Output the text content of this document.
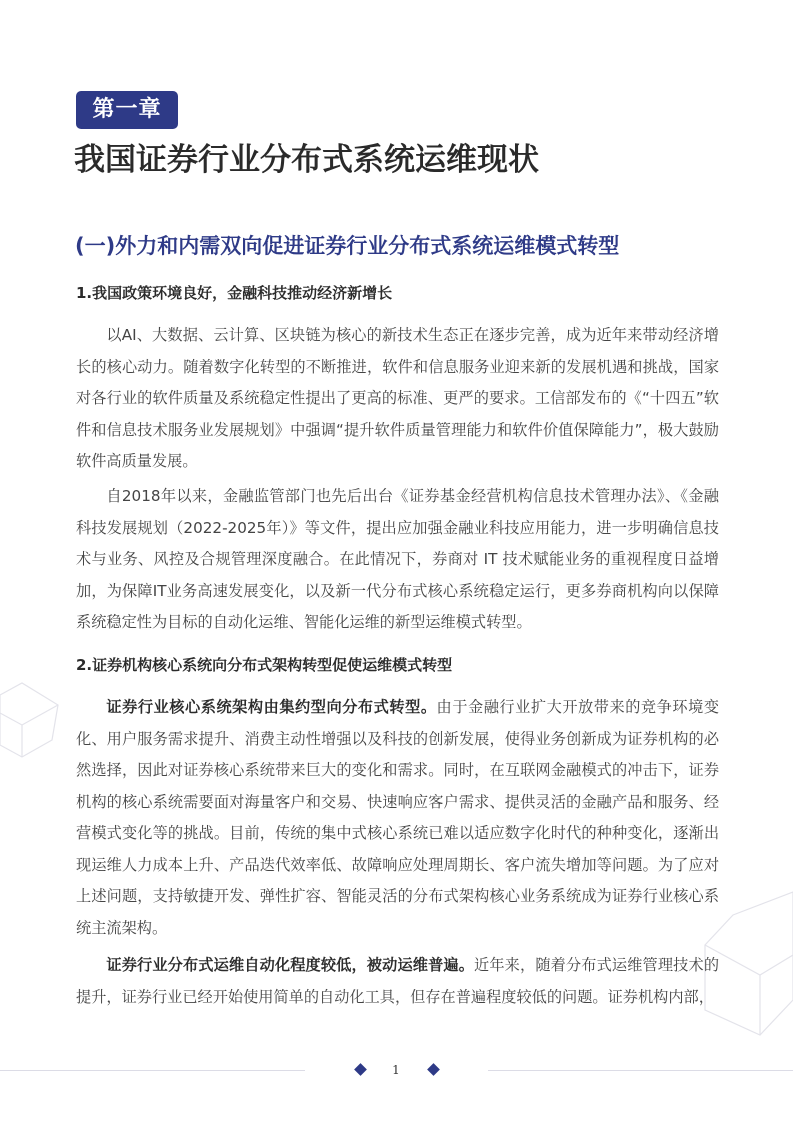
第一章
我国证券行业分布式系统运维现状
(一)外力和内需双向促进证券行业分布式系统运维模式转型
1.我国政策环境良好，金融科技推动经济新增长

以AI、大数据、云计算、区块链为核心的新技术生态正在逐步完善，成为近年来带动经济增长的核心动力。随着数字化转型的不断推进，软件和信息服务业迎来新的发展机遇和挑战，国家对各行业的软件质量及系统稳定性提出了更高的标准、更严的要求。工信部发布的《“十四五”软件和信息技术服务业发展规划》中强调“提升软件质量管理能力和软件价值保障能力”，极大鼓励软件高质量发展。

自2018年以来，金融监管部门也先后出台《证券基金经营机构信息技术管理办法》、《金融科技发展规划（2022-2025年）》等文件，提出应加强金融业科技应用能力，进一步明确信息技术与业务、风控及合规管理深度融合。在此情况下，券商对 IT 技术赋能业务的重视程度日益增加，为保障IT业务高速发展变化，以及新一代分布式核心系统稳定运行，更多券商机构向以保障系统稳定性为目标的自动化运维、智能化运维的新型运维模式转型。

2.证券机构核心系统向分布式架构转型促使运维模式转型

证券行业核心系统架构由集约型向分布式转型。由于金融行业扩大开放带来的竞争环境变化、用户服务需求提升、消费主动性增强以及科技的创新发展，使得业务创新成为证券机构的必然选择，因此对证券核心系统带来巨大的变化和需求。同时，在互联网金融模式的冲击下，证券机构的核心系统需要面对海量客户和交易、快速响应客户需求、提供灵活的金融产品和服务、经营模式变化等的挑战。目前，传统的集中式核心系统已难以适应数字化时代的种种变化，逐渐出现运维人力成本上升、产品迭代效率低、故障响应处理周期长、客户流失增加等问题。为了应对上述问题，支持敏捷开发、弹性扩容、智能灵活的分布式架构核心业务系统成为证券行业核心系统主流架构。

证券行业分布式运维自动化程度较低，被动运维普遍。近年来，随着分布式运维管理技术的提升，证券行业已经开始使用简单的自动化工具，但存在普遍程度较低的问题。证券机构内部，

1
